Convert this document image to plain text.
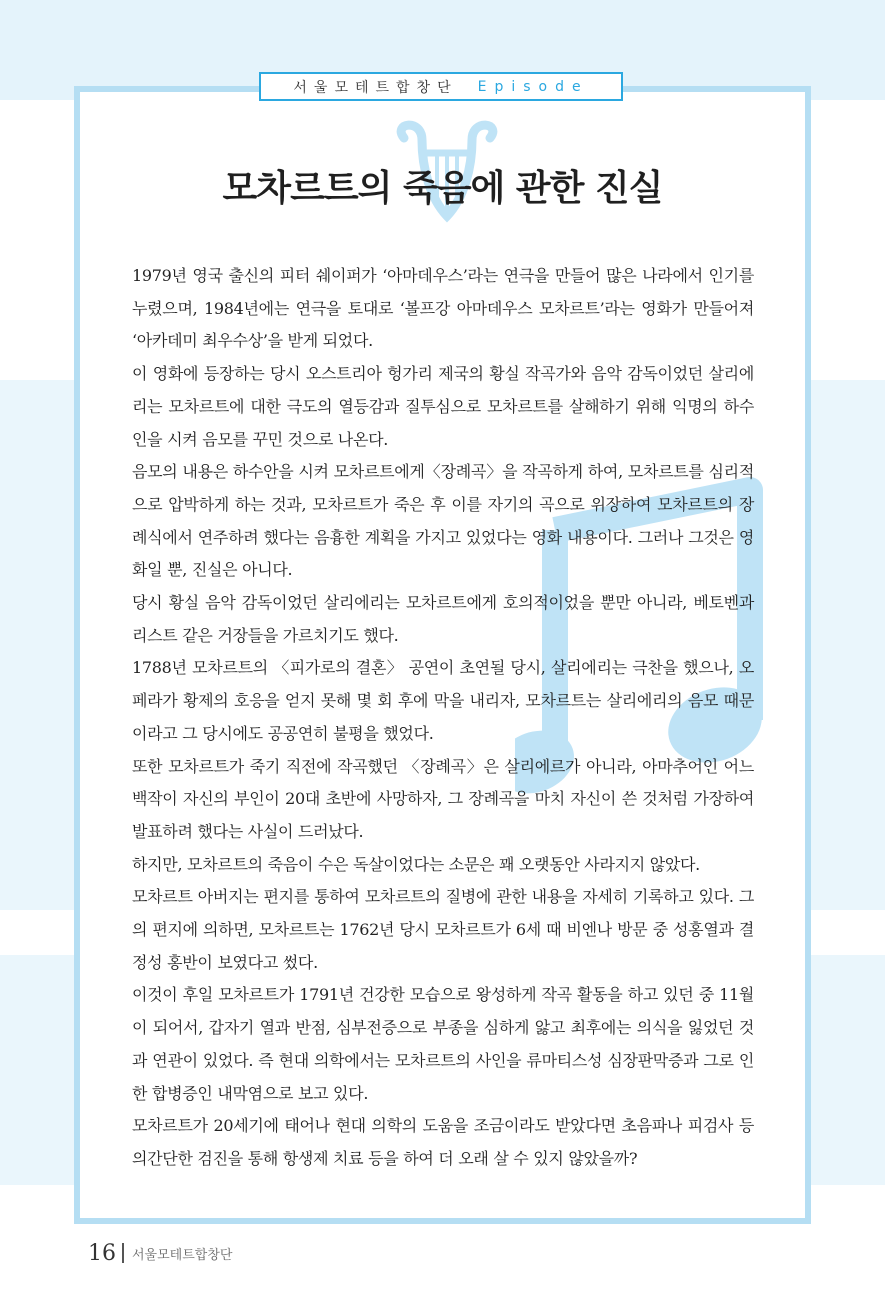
서울모테트합창단 Episode
모차르트의 죽음에 관한 진실

1979년 영국 출신의 피터 쉐이퍼가 ‘아마데우스’라는 연극을 만들어 많은 나라에서 인기를 누렸으며, 1984년에는 연극을 토대로 ‘볼프강 아마데우스 모차르트’라는 영화가 만들어져 ‘아카데미 최우수상’을 받게 되었다.

이 영화에 등장하는 당시 오스트리아 헝가리 제국의 황실 작곡가와 음악 감독이었던 살리에리는 모차르트에 대한 극도의 열등감과 질투심으로 모차르트를 살해하기 위해 익명의 하수인을 시켜 음모를 꾸민 것으로 나온다.

음모의 내용은 하수안을 시켜 모차르트에게〈장례곡〉을 작곡하게 하여, 모차르트를 심리적으로 압박하게 하는 것과, 모차르트가 죽은 후 이를 자기의 곡으로 위장하여 모차르트의 장례식에서 연주하려 했다는 음흉한 계획을 가지고 있었다는 영화 내용이다. 그러나 그것은 영화일 뿐, 진실은 아니다.

당시 황실 음악 감독이었던 살리에리는 모차르트에게 호의적이었을 뿐만 아니라, 베토벤과 리스트 같은 거장들을 가르치기도 했다.

1788년 모차르트의 〈피가로의 결혼〉 공연이 초연될 당시, 살리에리는 극찬을 했으나, 오페라가 황제의 호응을 얻지 못해 몇 회 후에 막을 내리자, 모차르트는 살리에리의 음모 때문이라고 그 당시에도 공공연히 불평을 했었다.

또한 모차르트가 죽기 직전에 작곡했던 〈장례곡〉은 살리에르가 아니라, 아마추어인 어느 백작이 자신의 부인이 20대 초반에 사망하자, 그 장례곡을 마치 자신이 쓴 것처럼 가장하여 발표하려 했다는 사실이 드러났다.

하지만, 모차르트의 죽음이 수은 독살이었다는 소문은 꽤 오랫동안 사라지지 않았다.

모차르트 아버지는 편지를 통하여 모차르트의 질병에 관한 내용을 자세히 기록하고 있다. 그의 편지에 의하면, 모차르트는 1762년 당시 모차르트가 6세 때 비엔나 방문 중 성홍열과 결정성 홍반이 보였다고 썼다.

이것이 후일 모차르트가 1791년 건강한 모습으로 왕성하게 작곡 활동을 하고 있던 중 11월이 되어서, 갑자기 열과 반점, 심부전증으로 부종을 심하게 앓고 최후에는 의식을 잃었던 것과 연관이 있었다. 즉 현대 의학에서는 모차르트의 사인을 류마티스성 심장판막증과 그로 인한 합병증인 내막염으로 보고 있다.

모차르트가 20세기에 태어나 현대 의학의 도움을 조금이라도 받았다면 초음파나 피검사 등의간단한 검진을 통해 항생제 치료 등을 하여 더 오래 살 수 있지 않았을까?

16 서울모테트합창단
